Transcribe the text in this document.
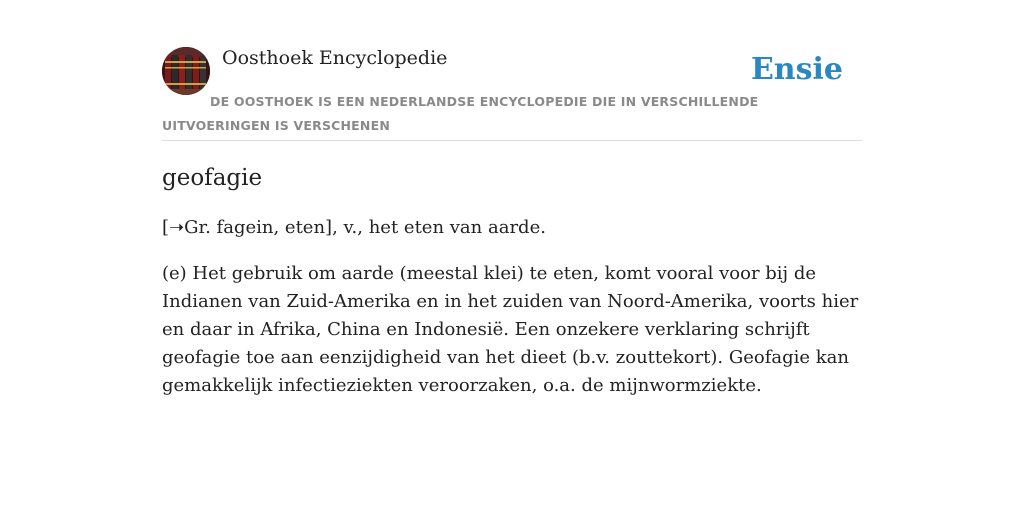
Oosthoek Encyclopedie	Ensie
DE OOSTHOEK IS EEN NEDERLANDSE ENCYCLOPEDIE DIE IN VERSCHILLENDE UITVOERINGEN IS VERSCHENEN
geofagie

[➝Gr. fagein, eten], v., het eten van aarde.

(e) Het gebruik om aarde (meestal klei) te eten, komt vooral voor bij de Indianen van Zuid-Amerika en in het zuiden van Noord-Amerika, voorts hier en daar in Afrika, China en Indonesië. Een onzekere verklaring schrijft geofagie toe aan eenzijdigheid van het dieet (b.v. zouttekort). Geofagie kan gemakkelijk infectieziekten veroorzaken, o.a. de mijnwormziekte.
